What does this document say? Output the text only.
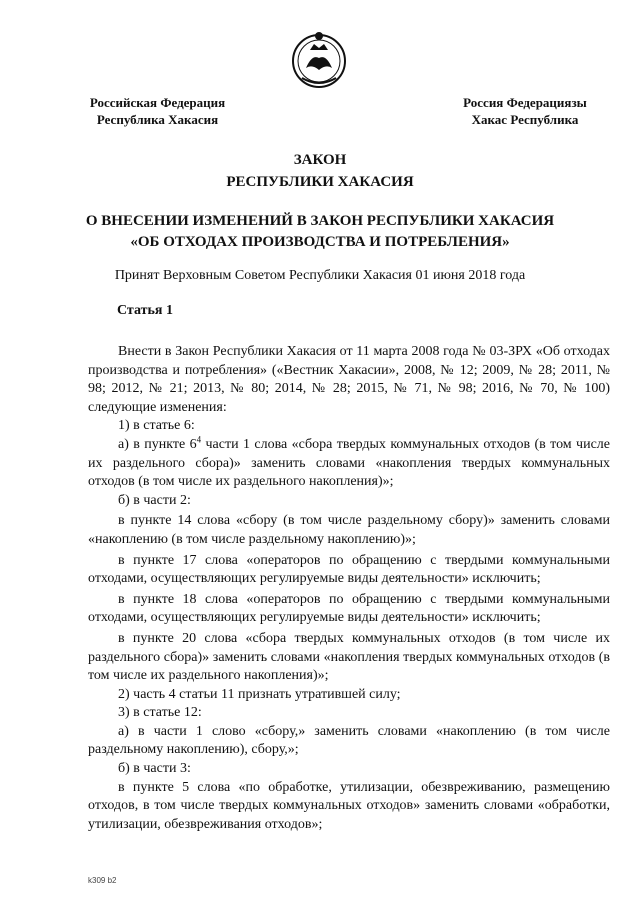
Российская Федерация
Республика Хакасия
Россия Федерациязы
Хакас Республика
ЗАКОН
РЕСПУБЛИКИ ХАКАСИЯ
О ВНЕСЕНИИ ИЗМЕНЕНИЙ В ЗАКОН РЕСПУБЛИКИ ХАКАСИЯ
«ОБ ОТХОДАХ ПРОИЗВОДСТВА И ПОТРЕБЛЕНИЯ»
Принят Верховным Советом Республики Хакасия 01 июня 2018 года
Статья 1

Внести в Закон Республики Хакасия от 11 марта 2008 года № 03-ЗРХ «Об отходах производства и потребления» («Вестник Хакасии», 2008, № 12; 2009, № 28; 2011, № 98; 2012, № 21; 2013, № 80; 2014, № 28; 2015, № 71, № 98; 2016, № 70, № 100) следующие изменения:

1) в статье 6:

а) в пункте $6^4$ части 1 слова «сбора твердых коммунальных отходов (в том числе их раздельного сбора)» заменить словами «накопления твердых коммунальных отходов (в том числе их раздельного накопления)»;

б) в части 2:

в пункте 14 слова «сбору (в том числе раздельному сбору)» заменить словами «накоплению (в том числе раздельному накоплению)»;

в пункте 17 слова «операторов по обращению с твердыми коммунальными отходами, осуществляющих регулируемые виды деятельности» исключить;

в пункте 18 слова «операторов по обращению с твердыми коммунальными отходами, осуществляющих регулируемые виды деятельности» исключить;

в пункте 20 слова «сбора твердых коммунальных отходов (в том числе их раздельного сбора)» заменить словами «накопления твердых коммунальных отходов (в том числе их раздельного накопления)»;

2) часть 4 статьи 11 признать утратившей силу;

3) в статье 12:

а) в части 1 слово «сбору,» заменить словами «накоплению (в том числе раздельному накоплению), сбору,»;

б) в части 3:

в пункте 5 слова «по обработке, утилизации, обезвреживанию, размещению отходов, в том числе твердых коммунальных отходов» заменить словами «обработки, утилизации, обезвреживания отходов»;

k309 b2
